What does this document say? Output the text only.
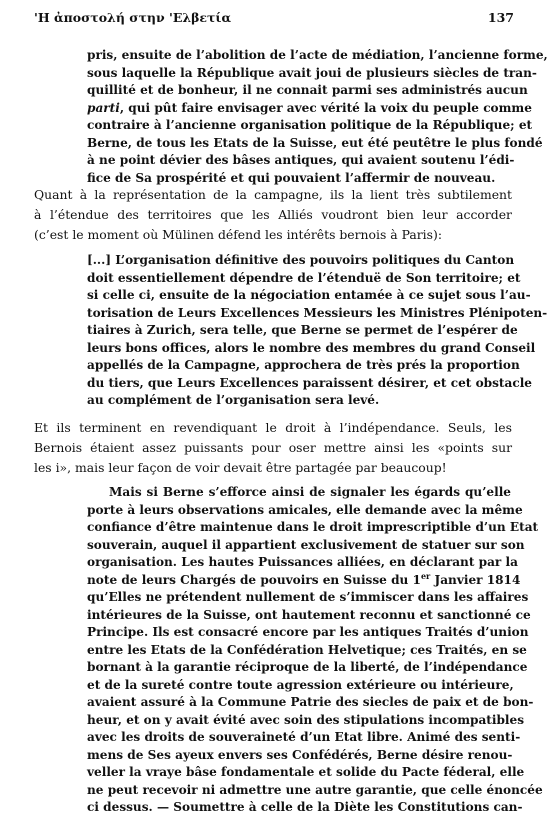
'Η ἀποστολή στην 'Ελβετία	137
pris, ensuite de l’abolition de l’acte de médiation, l’ancienne forme,
sous laquelle la République avait joui de plusieurs siècles de tran-
quillité et de bonheur, il ne connait parmi ses administrés aucun
parti, qui pût faire envisager avec vérité la voix du peuple comme
contraire à l’ancienne organisation politique de la République; et
Berne, de tous les Etats de la Suisse, eut été peutêtre le plus fondé
à ne point dévier des bâses antiques, qui avaient soutenu l’édi-
fice de Sa prospérité et qui pouvaient l’affermir de nouveau.
Quant à la représentation de la campagne, ils la lient très subtilement
à l’étendue des territoires que les Alliés voudront bien leur accorder
(c’est le moment où Mülinen défend les intérêts bernois à Paris):
[...] L’organisation définitive des pouvoirs politiques du Canton
doit essentiellement dépendre de l’étenduë de Son territoire; et
si celle ci, ensuite de la négociation entamée à ce sujet sous l’au-
torisation de Leurs Excellences Messieurs les Ministres Plénipoten-
tiaires à Zurich, sera telle, que Berne se permet de l’espérer de
leurs bons offices, alors le nombre des membres du grand Conseil
appellés de la Campagne, approchera de très prés la proportion
du tiers, que Leurs Excellences paraissent désirer, et cet obstacle
au complément de l’organisation sera levé.
Et ils terminent en revendiquant le droit à l’indépendance. Seuls, les
Bernois étaient assez puissants pour oser mettre ainsi les «points sur
les i», mais leur façon de voir devait être partagée par beaucoup!
Mais si Berne s’efforce ainsi de signaler les égards qu’elle
porte à leurs observations amicales, elle demande avec la même
confiance d’être maintenue dans le droit imprescriptible d’un Etat
souverain, auquel il appartient exclusivement de statuer sur son
organisation. Les hautes Puissances alliées, en déclarant par la
note de leurs Chargés de pouvoirs en Suisse du 1er Janvier 1814
qu’Elles ne prétendent nullement de s’immiscer dans les affaires
intérieures de la Suisse, ont hautement reconnu et sanctionné ce
Principe. Ils est consacré encore par les antiques Traités d’union
entre les Etats de la Confédération Helvetique; ces Traités, en se
bornant à la garantie réciproque de la liberté, de l’indépendance
et de la sureté contre toute agression extérieure ou intérieure,
avaient assuré à la Commune Patrie des siecles de paix et de bon-
heur, et on y avait évité avec soin des stipulations incompatibles
avec les droits de souveraineté d’un Etat libre. Animé des senti-
mens de Ses ayeux envers ses Confédérés, Berne désire renou-
veller la vraye bâse fondamentale et solide du Pacte féderal, elle
ne peut recevoir ni admettre une autre garantie, que celle énoncée
ci dessus. — Soumettre à celle de la Diète les Constitutions can-
